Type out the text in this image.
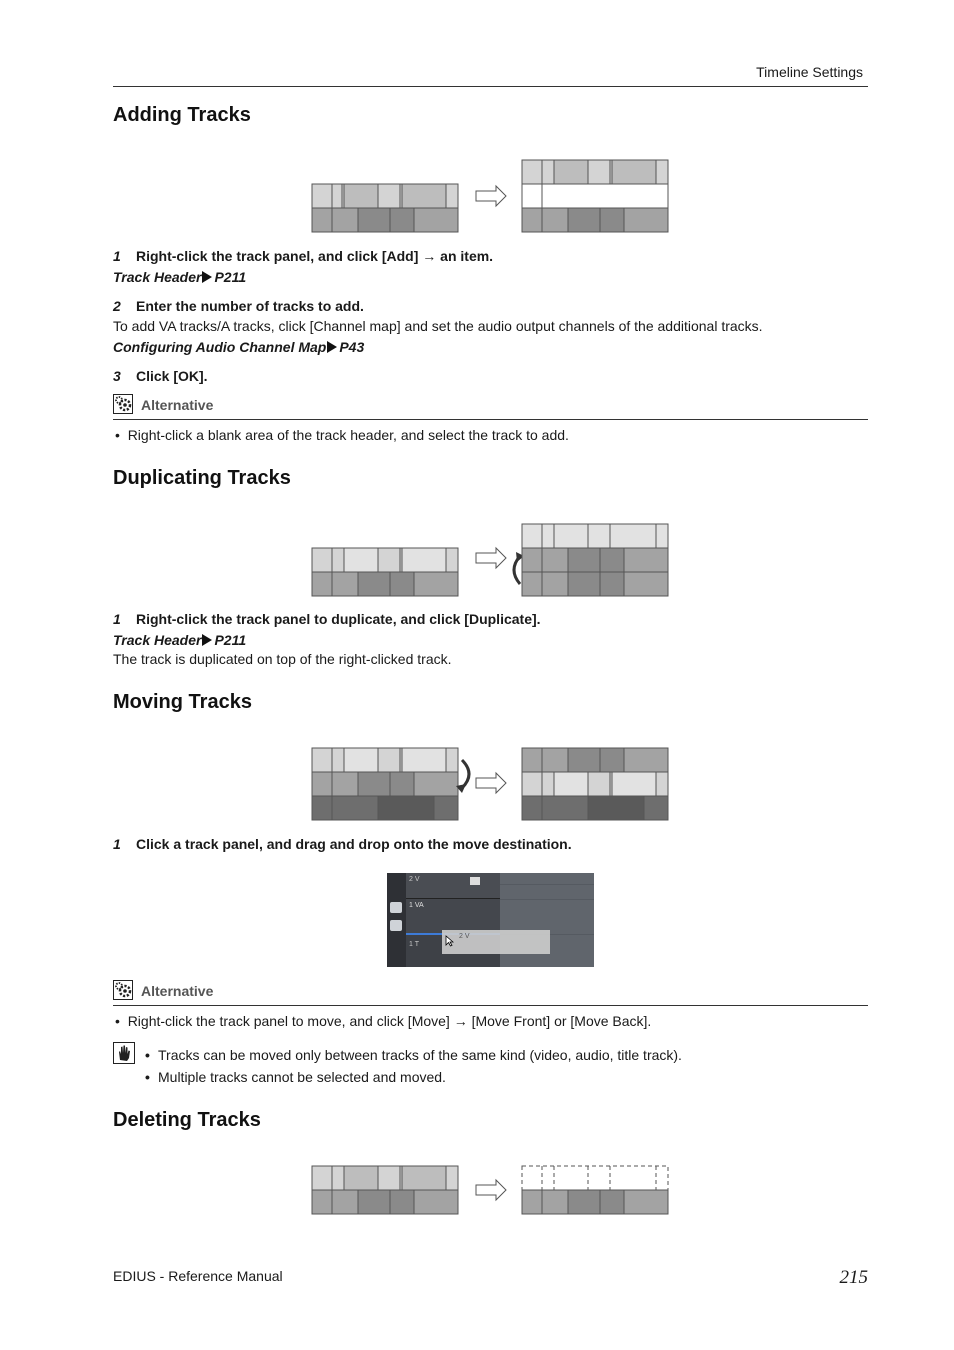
Timeline Settings
Adding Tracks
1 Right-click the track panel, and click [Add] → an item.
Track Header P211
2 Enter the number of tracks to add.
To add VA tracks/A tracks, click [Channel map] and set the audio output channels of the additional tracks.
Configuring Audio Channel Map P43
3 Click [OK].
Alternative
•  Right-click a blank area of the track header, and select the track to add.
Duplicating Tracks
1 Right-click the track panel to duplicate, and click [Duplicate].
Track Header P211
The track is duplicated on top of the right-clicked track.
Moving Tracks
1 Click a track panel, and drag and drop onto the move destination.
2 V
1 VA
1 T
2 V
Alternative
•  Right-click the track panel to move, and click [Move] → [Move Front] or [Move Back].
• Tracks can be moved only between tracks of the same kind (video, audio, title track).
• Multiple tracks cannot be selected and moved.
Deleting Tracks
EDIUS - Reference Manual	215
